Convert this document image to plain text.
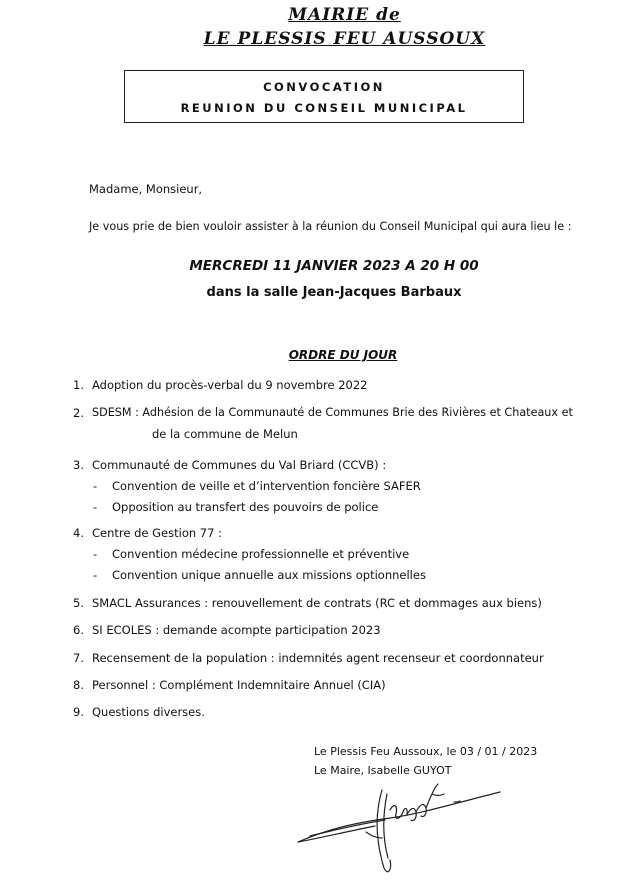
MAIRIE de
LE PLESSIS FEU AUSSOUX
CONVOCATION
REUNION DU CONSEIL MUNICIPAL
Madame, Monsieur,
Je vous prie de bien vouloir assister à la réunion du Conseil Municipal qui aura lieu le :
MERCREDI 11 JANVIER 2023 A 20 H 00
dans la salle Jean-Jacques Barbaux
ORDRE DU JOUR
1. Adoption du procès-verbal du 9 novembre 2022
2. SDESM : Adhésion de la Communauté de Communes Brie des Rivières et Chateaux et
de la commune de Melun
3. Communauté de Communes du Val Briard (CCVB) :
- Convention de veille et d’intervention foncière SAFER
- Opposition au transfert des pouvoirs de police
4. Centre de Gestion 77 :
- Convention médecine professionnelle et préventive
- Convention unique annuelle aux missions optionnelles
5. SMACL Assurances : renouvellement de contrats (RC et dommages aux biens)
6. SI ECOLES : demande acompte participation 2023
7. Recensement de la population : indemnités agent recenseur et coordonnateur
8. Personnel : Complément Indemnitaire Annuel (CIA)
9. Questions diverses.
Le Plessis Feu Aussoux, le 03 / 01 / 2023
Le Maire, Isabelle GUYOT
